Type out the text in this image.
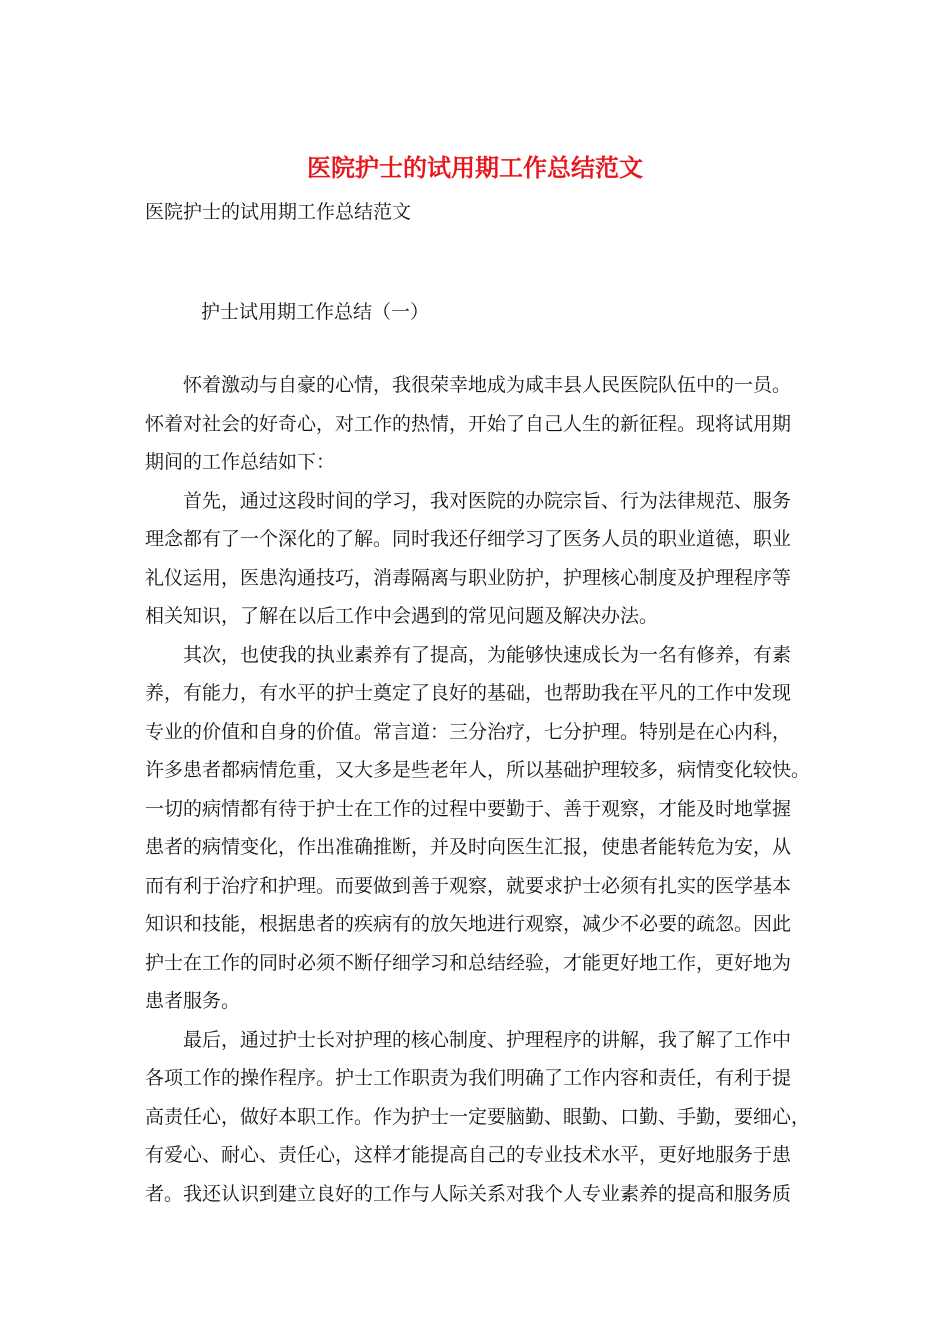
医院护士的试用期工作总结范文

医院护士的试用期工作总结范文

护士试用期工作总结（一）

怀着激动与自豪的心情，我很荣幸地成为咸丰县人民医院队伍中的一员。
怀着对社会的好奇心，对工作的热情，开始了自己人生的新征程。现将试用期
期间的工作总结如下：

首先，通过这段时间的学习，我对医院的办院宗旨、行为法律规范、服务
理念都有了一个深化的了解。同时我还仔细学习了医务人员的职业道德，职业
礼仪运用，医患沟通技巧，消毒隔离与职业防护，护理核心制度及护理程序等
相关知识，了解在以后工作中会遇到的常见问题及解决办法。

其次，也使我的执业素养有了提高，为能够快速成长为一名有修养，有素
养，有能力，有水平的护士奠定了良好的基础，也帮助我在平凡的工作中发现
专业的价值和自身的价值。常言道：三分治疗，七分护理。特别是在心内科，
许多患者都病情危重，又大多是些老年人，所以基础护理较多，病情变化较快。
一切的病情都有待于护士在工作的过程中要勤于、善于观察，才能及时地掌握
患者的病情变化，作出准确推断，并及时向医生汇报，使患者能转危为安，从
而有利于治疗和护理。而要做到善于观察，就要求护士必须有扎实的医学基本
知识和技能，根据患者的疾病有的放矢地进行观察，减少不必要的疏忽。因此
护士在工作的同时必须不断仔细学习和总结经验，才能更好地工作，更好地为
患者服务。

最后，通过护士长对护理的核心制度、护理程序的讲解，我了解了工作中
各项工作的操作程序。护士工作职责为我们明确了工作内容和责任，有利于提
高责任心，做好本职工作。作为护士一定要脑勤、眼勤、口勤、手勤，要细心，
有爱心、耐心、责任心，这样才能提高自己的专业技术水平，更好地服务于患
者。我还认识到建立良好的工作与人际关系对我个人专业素养的提高和服务质
